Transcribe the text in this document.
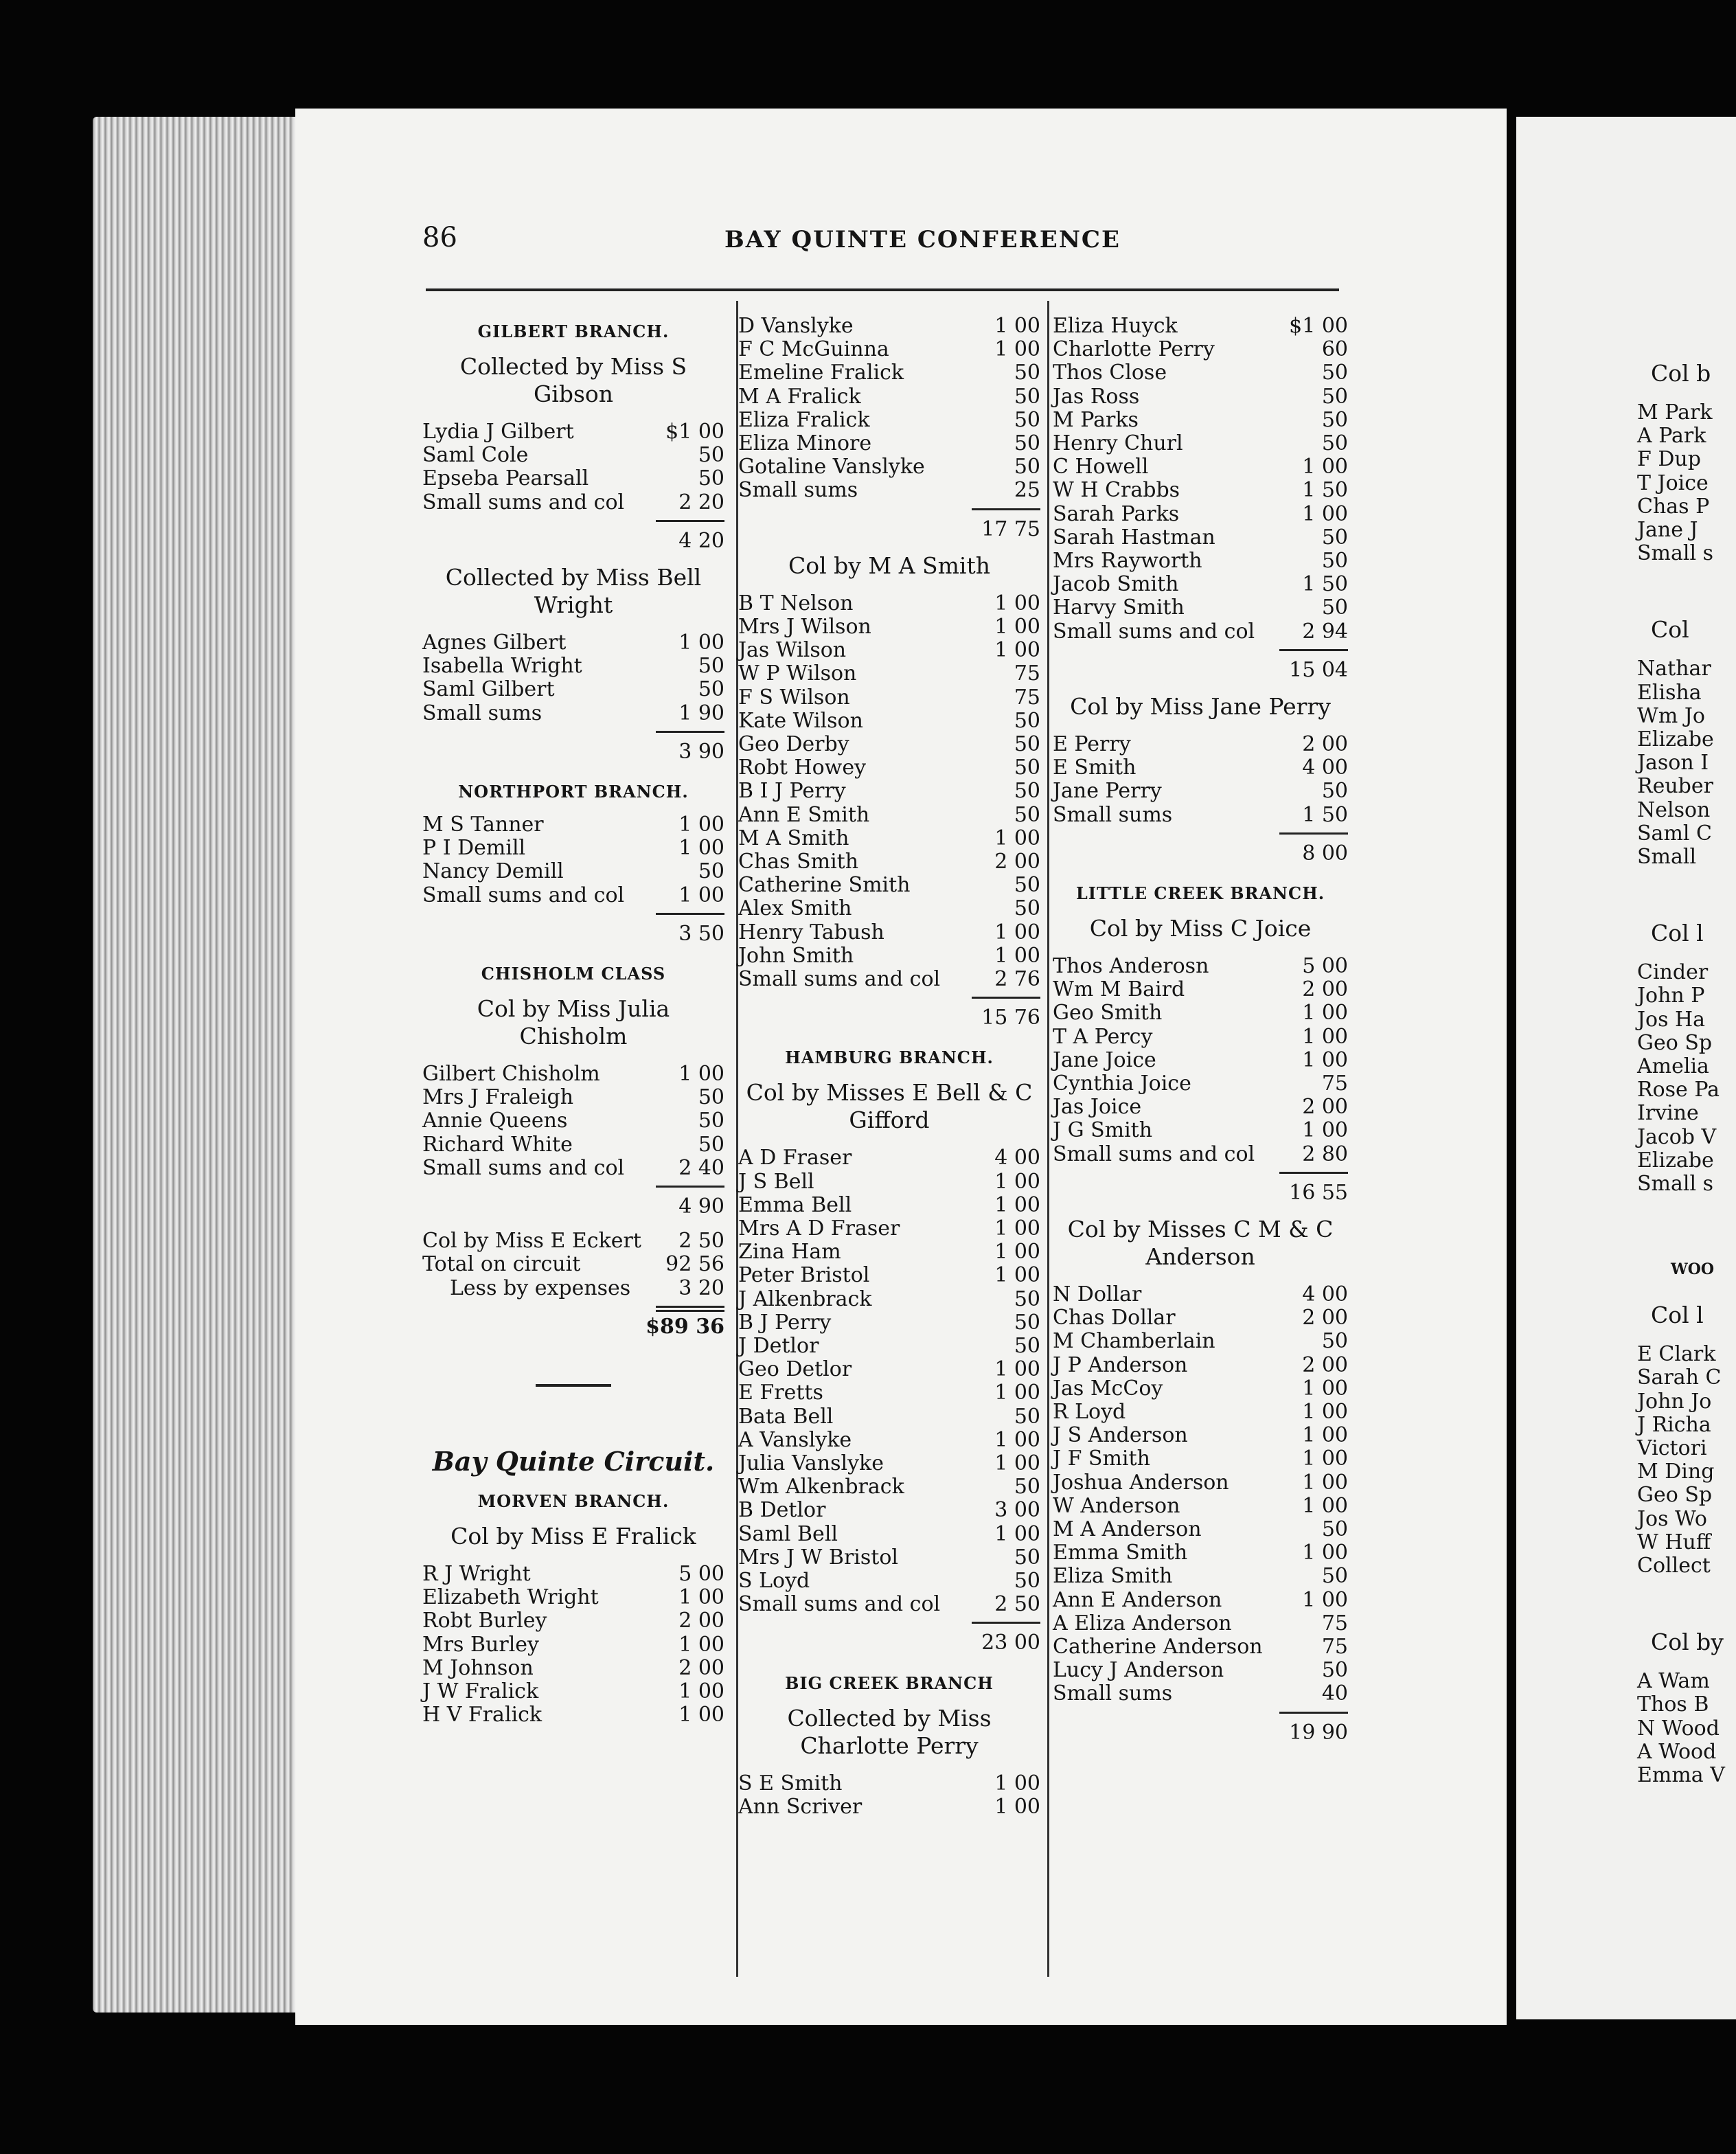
86	BAY QUINTE CONFERENCE
GILBERT BRANCH.
Collected by Miss S Gibson
Lydia J Gilbert	$1 00
Saml Cole	50
Epseba Pearsall	50
Small sums and col	2 20
4 20
Collected by Miss Bell Wright
Agnes Gilbert	1 00
Isabella Wright	50
Saml Gilbert	50
Small sums	1 90
3 90
NORTHPORT BRANCH.
M S Tanner	1 00
P I Demill	1 00
Nancy Demill	50
Small sums and col	1 00
3 50
CHISHOLM CLASS
Col by Miss Julia Chisholm
Gilbert Chisholm	1 00
Mrs J Fraleigh	50
Annie Queens	50
Richard White	50
Small sums and col	2 40
4 90
Col by Miss E Eckert 2 50
Total on circuit	92 56
Less by expenses 3 20
$89 36
Bay Quinte Circuit.
MORVEN BRANCH.
Col by Miss E Fralick
R J Wright	5 00
Elizabeth Wright	1 00
Robt Burley	2 00
Mrs Burley	1 00
M Johnson	2 00
J W Fralick	1 00
H V Fralick	1 00
D Vanslyke	1 00
F C McGuinna	1 00
Emeline Fralick	50
M A Fralick	50
Eliza Fralick	50
Eliza Minore	50
Gotaline Vanslyke	50
Small sums	25
17 75
Col by M A Smith
B T Nelson	1 00
Mrs J Wilson	1 00
Jas Wilson	1 00
W P Wilson	75
F S Wilson	75
Kate Wilson	50
Geo Derby	50
Robt Howey	50
B I J Perry	50
Ann E Smith	50
M A Smith	1 00
Chas Smith	2 00
Catherine Smith	50
Alex Smith	50
Henry Tabush	1 00
John Smith	1 00
Small sums and col	2 76
15 76
HAMBURG BRANCH.
Col by Misses E Bell & C Gifford
A D Fraser	4 00
J S Bell	1 00
Emma Bell	1 00
Mrs A D Fraser	1 00
Zina Ham	1 00
Peter Bristol	1 00
J Alkenbrack	50
B J Perry	50
J Detlor	50
Geo Detlor	1 00
E Fretts	1 00
Bata Bell	50
A Vanslyke	1 00
Julia Vanslyke	1 00
Wm Alkenbrack	50
B Detlor	3 00
Saml Bell	1 00
Mrs J W Bristol	50
S Loyd	50
Small sums and col	2 50
23 00
BIG CREEK BRANCH
Collected by Miss Charlotte Perry
S E Smith	1 00
Ann Scriver	1 00
Eliza Huyck	$1 00
Charlotte Perry	60
Thos Close	50
Jas Ross	50
M Parks	50
Henry Churl	50
C Howell	1 00
W H Crabbs	1 50
Sarah Parks	1 00
Sarah Hastman	50
Mrs Rayworth	50
Jacob Smith	1 50
Harvy Smith	50
Small sums and col 2 94
15 04
Col by Miss Jane Perry
E Perry	2 00
E Smith	4 00
Jane Perry	50
Small sums	1 50
8 00
LITTLE CREEK BRANCH.
Col by Miss C Joice
Thos Anderosn	5 00
Wm M Baird	2 00
Geo Smith	1 00
T A Percy	1 00
Jane Joice	1 00
Cynthia Joice	75
Jas Joice	2 00
J G Smith	1 00
Small sums and col 2 80
16 55
Col by Misses C M & C Anderson
N Dollar	4 00
Chas Dollar	2 00
M Chamberlain	50
J P Anderson	2 00
Jas McCoy	1 00
R Loyd	1 00
J S Anderson	1 00
J F Smith	1 00
Joshua Anderson	1 00
W Anderson	1 00
M A Anderson	50
Emma Smith	1 00
Eliza Smith	50
Ann E Anderson	1 00
A Eliza Anderson	75
Catherine Anderson	75
Lucy J Anderson	50
Small sums	40
19 90
Col b
M Park
A Park
F Dup
T Joice
Chas P
Jane J
Small s
Col
Nathar
Elisha
Wm Jo
Elizabe
Jason I
Reuber
Nelson
Saml C
Small
Col l
Cinder
John P
Jos Ha
Geo Sp
Amelia
Rose Pa
Irvine
Jacob V
Elizabe
Small s
WOO
Col l
E Clark
Sarah C
John Jo
J Richa
Victori
M Ding
Geo Sp
Jos Wo
W Huff
Collect
Col by
A Wam
Thos B
N Wood
A Wood
Emma V
